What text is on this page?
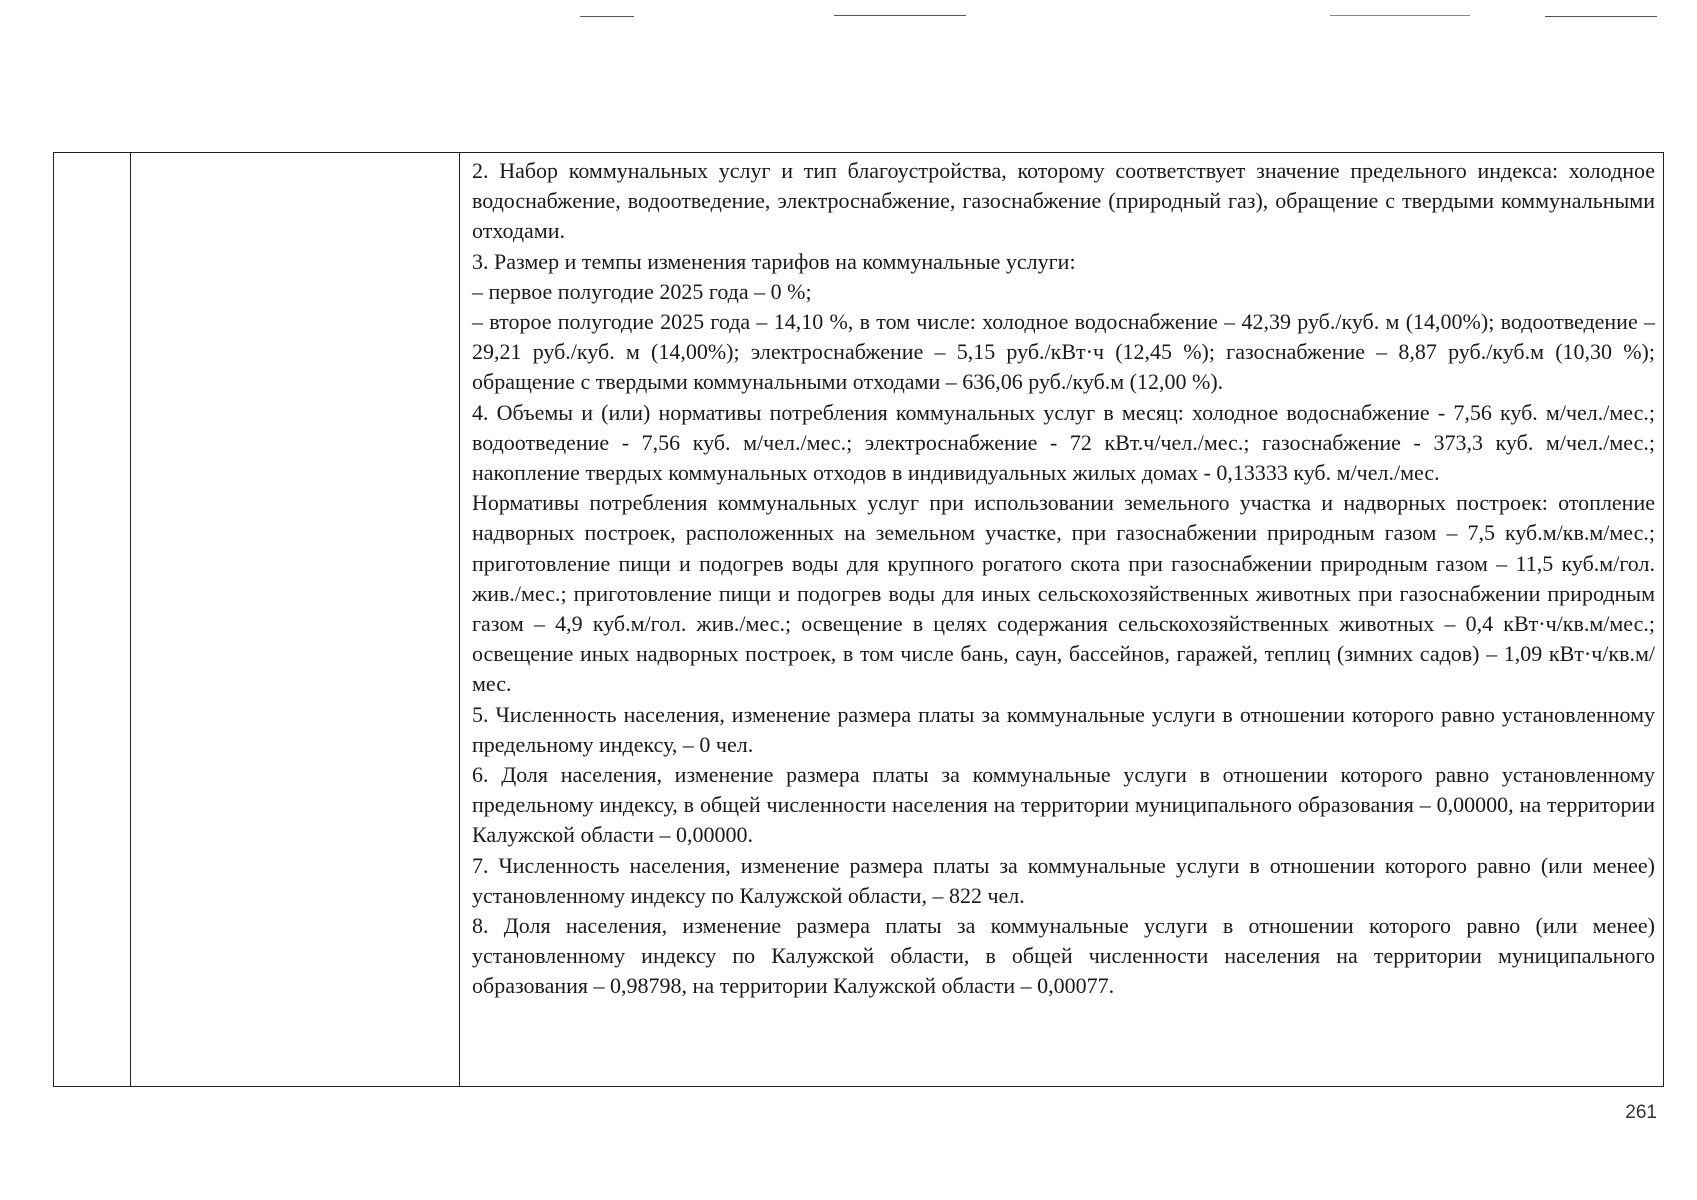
2. Набор коммунальных услуг и тип благоустройства, которому соответствует значение предельного индекса: холодное водоснабжение, водоотведение, электроснабжение, газоснабжение (природный газ), обращение с твердыми коммунальными отходами.

3. Размер и темпы изменения тарифов на коммунальные услуги:

– первое полугодие 2025 года – 0 %;

– второе полугодие 2025 года – 14,10 %, в том числе: холодное водоснабжение – 42,39 руб./куб. м (14,00%); водоотведение – 29,21 руб./куб. м (14,00%); электроснабжение – 5,15 руб./кВт·ч (12,45 %); газоснабжение – 8,87 руб./куб.м (10,30 %); обращение с твердыми коммунальными отходами – 636,06 руб./куб.м (12,00 %).

4. Объемы и (или) нормативы потребления коммунальных услуг в месяц: холодное водоснабжение - 7,56 куб. м/чел./мес.; водоотведение - 7,56 куб. м/чел./мес.; электроснабжение - 72 кВт.ч/чел./мес.; газоснабжение - 373,3 куб. м/чел./мес.; накопление твердых коммунальных отходов в индивидуальных жилых домах - 0,13333 куб. м/чел./мес.

Нормативы потребления коммунальных услуг при использовании земельного участка и надворных построек: отопление надворных построек, расположенных на земельном участке, при газоснабжении природным газом – 7,5 куб.м/кв.м/мес.; приготовление пищи и подогрев воды для крупного рогатого скота при газоснабжении природным газом – 11,5 куб.м/гол. жив./мес.; приготовление пищи и подогрев воды для иных сельскохозяйственных животных при газоснабжении природным газом – 4,9 куб.м/гол. жив./мес.; освещение в целях содержания сельскохозяйственных животных – 0,4 кВт·ч/кв.м/мес.; освещение иных надворных построек, в том числе бань, саун, бассейнов, гаражей, теплиц (зимних садов) – 1,09 кВт·ч/кв.м/мес.

5. Численность населения, изменение размера платы за коммунальные услуги в отношении которого равно установленному предельному индексу, – 0 чел.

6. Доля населения, изменение размера платы за коммунальные услуги в отношении которого равно установленному предельному индексу, в общей численности населения на территории муниципального образования – 0,00000, на территории Калужской области – 0,00000.

7. Численность населения, изменение размера платы за коммунальные услуги в отношении которого равно (или менее) установленному индексу по Калужской области, – 822 чел.

8. Доля населения, изменение размера платы за коммунальные услуги в отношении которого равно (или менее) установленному индексу по Калужской области, в общей численности населения на территории муниципального образования – 0,98798, на территории Калужской области – 0,00077.

261
